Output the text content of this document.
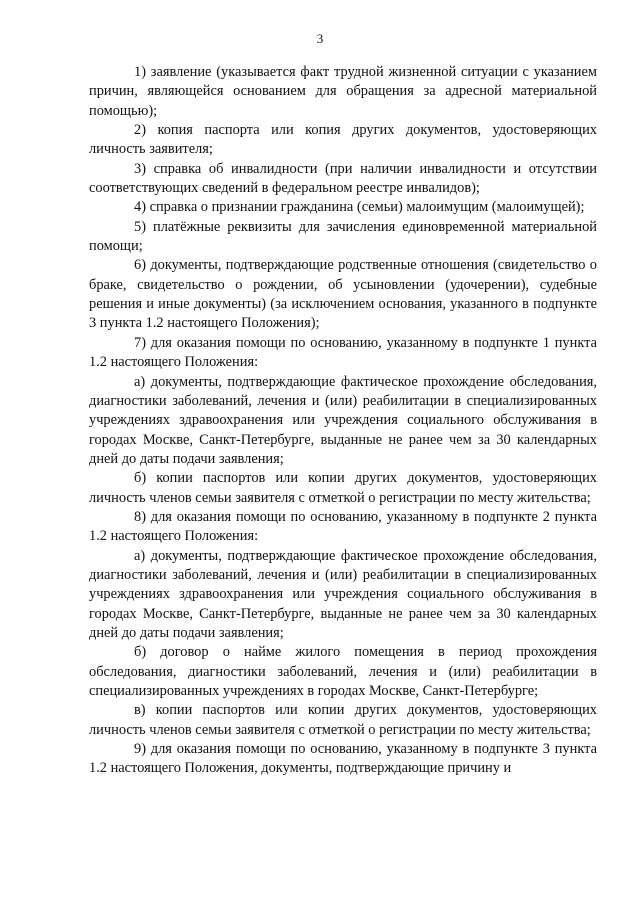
3

1) заявление (указывается факт трудной жизненной ситуации с указанием причин, являющейся основанием для обращения за адресной материальной помощью);

2) копия паспорта или копия других документов, удостоверяющих личность заявителя;

3) справка об инвалидности (при наличии инвалидности и отсутствии соответствующих сведений в федеральном реестре инвалидов);

4) справка о признании гражданина (семьи) малоимущим (малоимущей);

5) платёжные реквизиты для зачисления единовременной материальной помощи;

6) документы, подтверждающие родственные отношения (свидетельство о браке, свидетельство о рождении, об усыновлении (удочерении), судебные решения и иные документы) (за исключением основания, указанного в подпункте 3 пункта 1.2 настоящего Положения);

7) для оказания помощи по основанию, указанному в подпункте 1 пункта 1.2 настоящего Положения:

а) документы, подтверждающие фактическое прохождение обследования, диагностики заболеваний, лечения и (или) реабилитации в специализированных учреждениях здравоохранения или учреждения социального обслуживания в городах Москве, Санкт-Петербурге, выданные не ранее чем за 30 календарных дней до даты подачи заявления;

б) копии паспортов или копии других документов, удостоверяющих личность членов семьи заявителя с отметкой о регистрации по месту жительства;

8) для оказания помощи по основанию, указанному в подпункте 2 пункта 1.2 настоящего Положения:

а) документы, подтверждающие фактическое прохождение обследования, диагностики заболеваний, лечения и (или) реабилитации в специализированных учреждениях здравоохранения или учреждения социального обслуживания в городах Москве, Санкт-Петербурге, выданные не ранее чем за 30 календарных дней до даты подачи заявления;

б) договор о найме жилого помещения в период прохождения обследования, диагностики заболеваний, лечения и (или) реабилитации в специализированных учреждениях в городах Москве, Санкт-Петербурге;

в) копии паспортов или копии других документов, удостоверяющих личность членов семьи заявителя с отметкой о регистрации по месту жительства;

9) для оказания помощи по основанию, указанному в подпункте 3 пункта 1.2 настоящего Положения, документы, подтверждающие причину и
